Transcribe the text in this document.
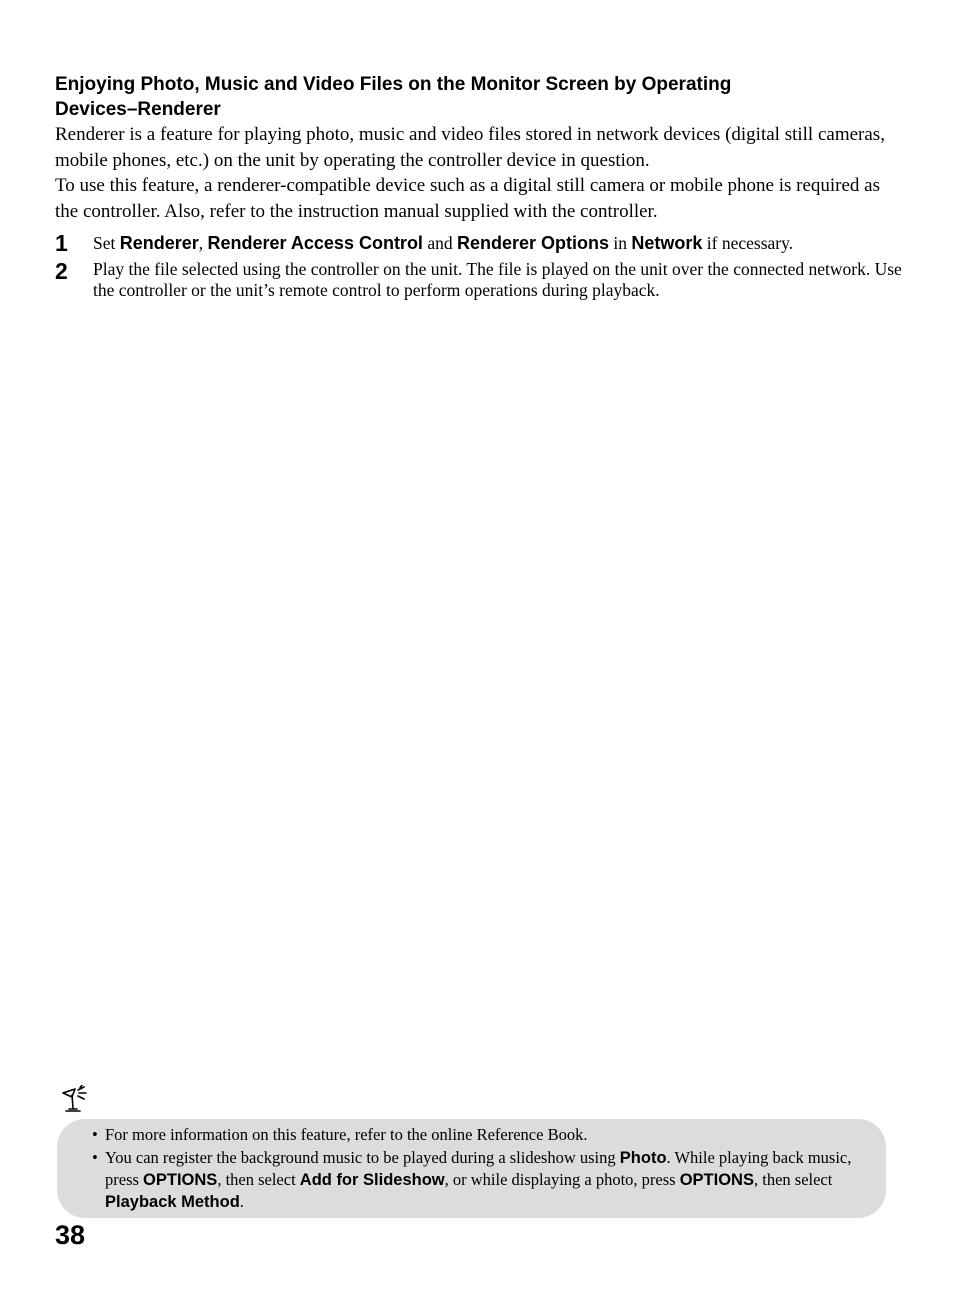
Enjoying Photo, Music and Video Files on the Monitor Screen by Operating
Devices–Renderer
Renderer is a feature for playing photo, music and video files stored in network devices (digital still cameras, mobile phones, etc.) on the unit by operating the controller device in question.
To use this feature, a renderer-compatible device such as a digital still camera or mobile phone is required as the controller. Also, refer to the instruction manual supplied with the controller.
1 Set Renderer, Renderer Access Control and Renderer Options in Network if necessary.
2 Play the file selected using the controller on the unit. The file is played on the unit over the connected network. Use the controller or the unit’s remote control to perform operations during playback.
• For more information on this feature, refer to the online Reference Book.
• You can register the background music to be played during a slideshow using Photo. While playing back music, press OPTIONS, then select Add for Slideshow, or while displaying a photo, press OPTIONS, then select Playback Method.
38
